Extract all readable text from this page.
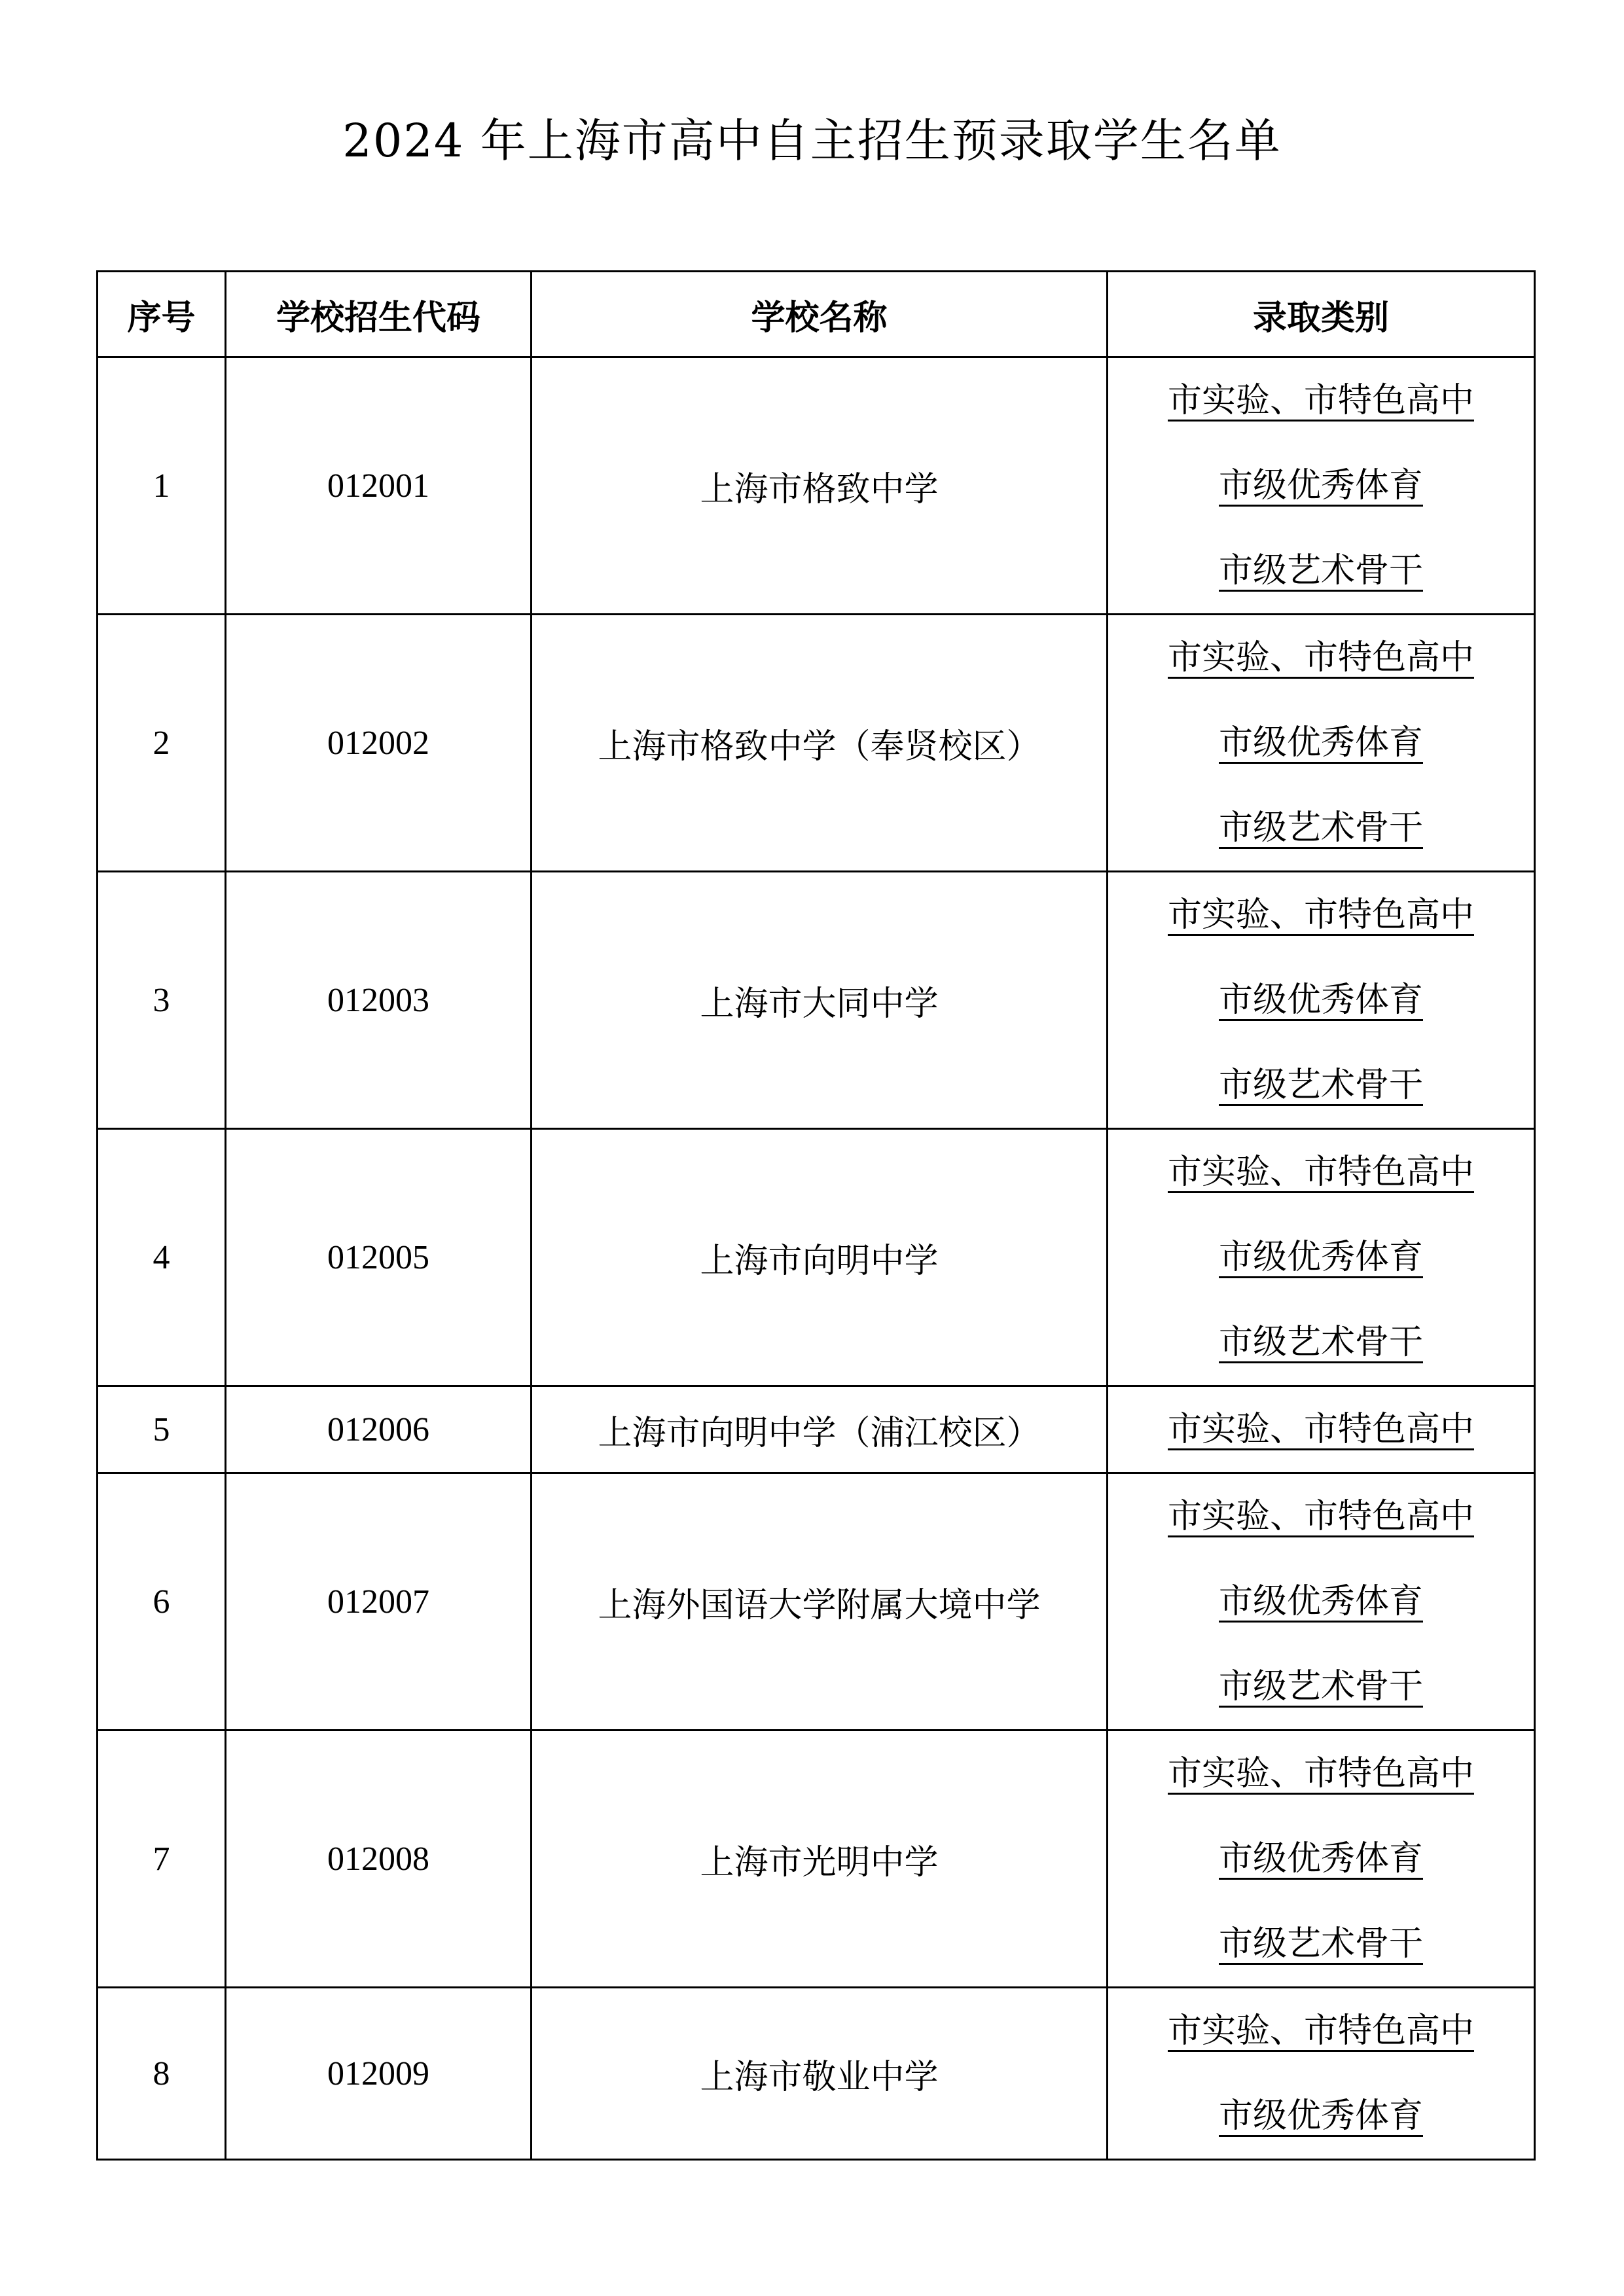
2024 年上海市高中自主招生预录取学生名单
序号	学校招生代码	学校名称	录取类别
1	012001	上海市格致中学	市实验、市特色高中
市级优秀体育
市级艺术骨干

2	012002	上海市格致中学（奉贤校区）	市实验、市特色高中
市级优秀体育
市级艺术骨干

3	012003	上海市大同中学	市实验、市特色高中
市级优秀体育
市级艺术骨干

4	012005	上海市向明中学	市实验、市特色高中
市级优秀体育
市级艺术骨干

5	012006	上海市向明中学（浦江校区）	市实验、市特色高中

6	012007	上海外国语大学附属大境中学	市实验、市特色高中
市级优秀体育
市级艺术骨干

7	012008	上海市光明中学	市实验、市特色高中
市级优秀体育
市级艺术骨干

8	012009	上海市敬业中学	市实验、市特色高中
市级优秀体育
